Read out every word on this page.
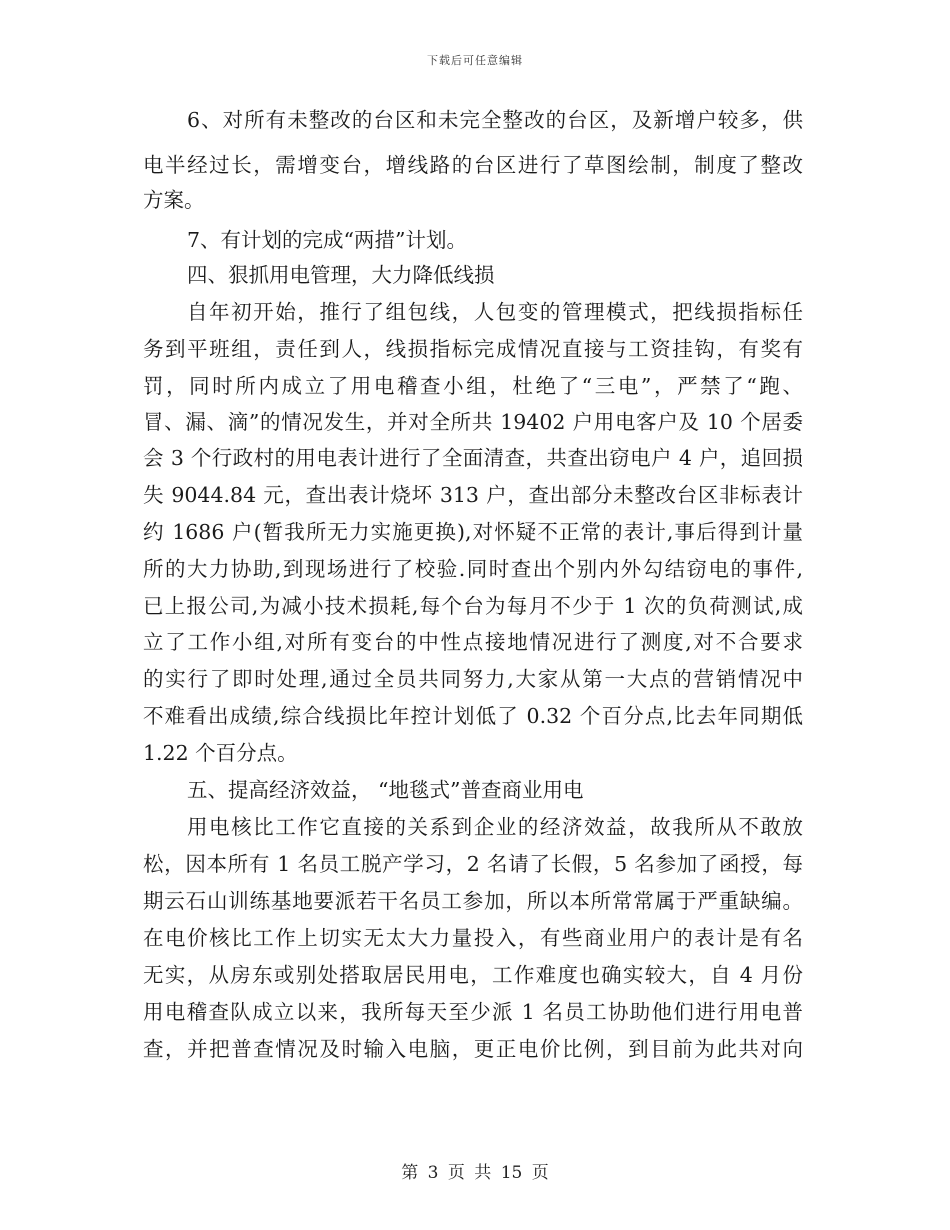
下载后可任意编辑
6、对所有未整改的台区和未完全整改的台区，及新增户较多，供
电半经过长，需增变台，增线路的台区进行了草图绘制，制度了整改
方案。
7、有计划的完成“两措”计划。
四、狠抓用电管理，大力降低线损
自年初开始，推行了组包线，人包变的管理模式，把线损指标任
务到平班组，责任到人，线损指标完成情况直接与工资挂钩，有奖有
罚，同时所内成立了用电稽查小组，杜绝了“三电”，严禁了“跑、
冒、漏、滴”的情况发生，并对全所共 19402 户用电客户及 10 个居委
会 3 个行政村的用电表计进行了全面清查，共查出窃电户 4 户，追回损
失 9044.84 元，查出表计烧坏 313 户，查出部分未整改台区非标表计
约 1686 户(暂我所无力实施更换),对怀疑不正常的表计,事后得到计量
所的大力协助,到现场进行了校验.同时查出个别内外勾结窃电的事件,
已上报公司,为减小技术损耗,每个台为每月不少于 1 次的负荷测试,成
立了工作小组,对所有变台的中性点接地情况进行了测度,对不合要求
的实行了即时处理,通过全员共同努力,大家从第一大点的营销情况中
不难看出成绩,综合线损比年控计划低了 0.32 个百分点,比去年同期低
1.22 个百分点。
五、提高经济效益， “地毯式”普查商业用电
用电核比工作它直接的关系到企业的经济效益，故我所从不敢放
松，因本所有 1 名员工脱产学习，2 名请了长假，5 名参加了函授，每
期云石山训练基地要派若干名员工参加，所以本所常常属于严重缺编。
在电价核比工作上切实无太大力量投入，有些商业用户的表计是有名
无实，从房东或别处搭取居民用电，工作难度也确实较大，自 4 月份
用电稽查队成立以来，我所每天至少派 1 名员工协助他们进行用电普
查，并把普查情况及时输入电脑，更正电价比例，到目前为此共对向
第 3 页 共 15 页
